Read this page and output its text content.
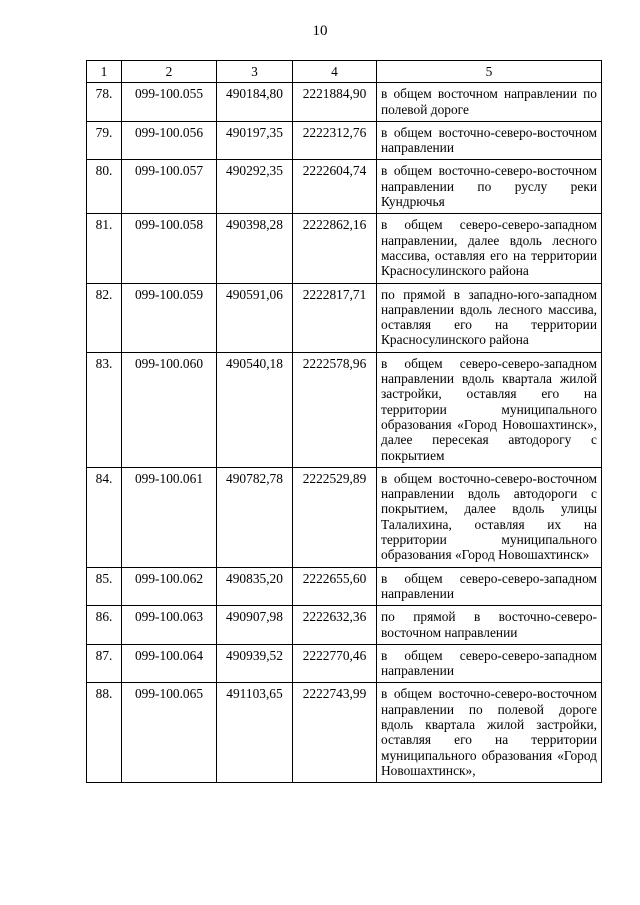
10
1	2	3	4	5
78.	099-100.055	490184,80	2221884,90	в общем восточном направлении по полевой дороге
79.	099-100.056	490197,35	2222312,76	в общем восточно-северо-восточном направлении
80.	099-100.057	490292,35	2222604,74	в общем восточно-северо-восточном направлении по руслу реки Кундрючья
81.	099-100.058	490398,28	2222862,16	в общем северо-северо-западном направлении, далее вдоль лесного массива, оставляя его на территории Красносулинского района
82.	099-100.059	490591,06	2222817,71	по прямой в западно-юго-западном направлении вдоль лесного массива, оставляя его на территории Красносулинского района
83.	099-100.060	490540,18	2222578,96	в общем северо-северо-западном направлении вдоль квартала жилой застройки, оставляя его на территории муниципального образования «Город Новошахтинск», далее пересекая автодорогу с покрытием
84.	099-100.061	490782,78	2222529,89	в общем восточно-северо-восточном направлении вдоль автодороги с покрытием, далее вдоль улицы Талалихина, оставляя их на территории муниципального образования «Город Новошахтинск»
85.	099-100.062	490835,20	2222655,60	в общем северо-северо-западном направлении
86.	099-100.063	490907,98	2222632,36	по прямой в восточно-северо-восточном направлении
87.	099-100.064	490939,52	2222770,46	в общем северо-северо-западном направлении
88.	099-100.065	491103,65	2222743,99	в общем восточно-северо-восточном направлении по полевой дороге вдоль квартала жилой застройки, оставляя его на территории муниципального образования «Город Новошахтинск»,
